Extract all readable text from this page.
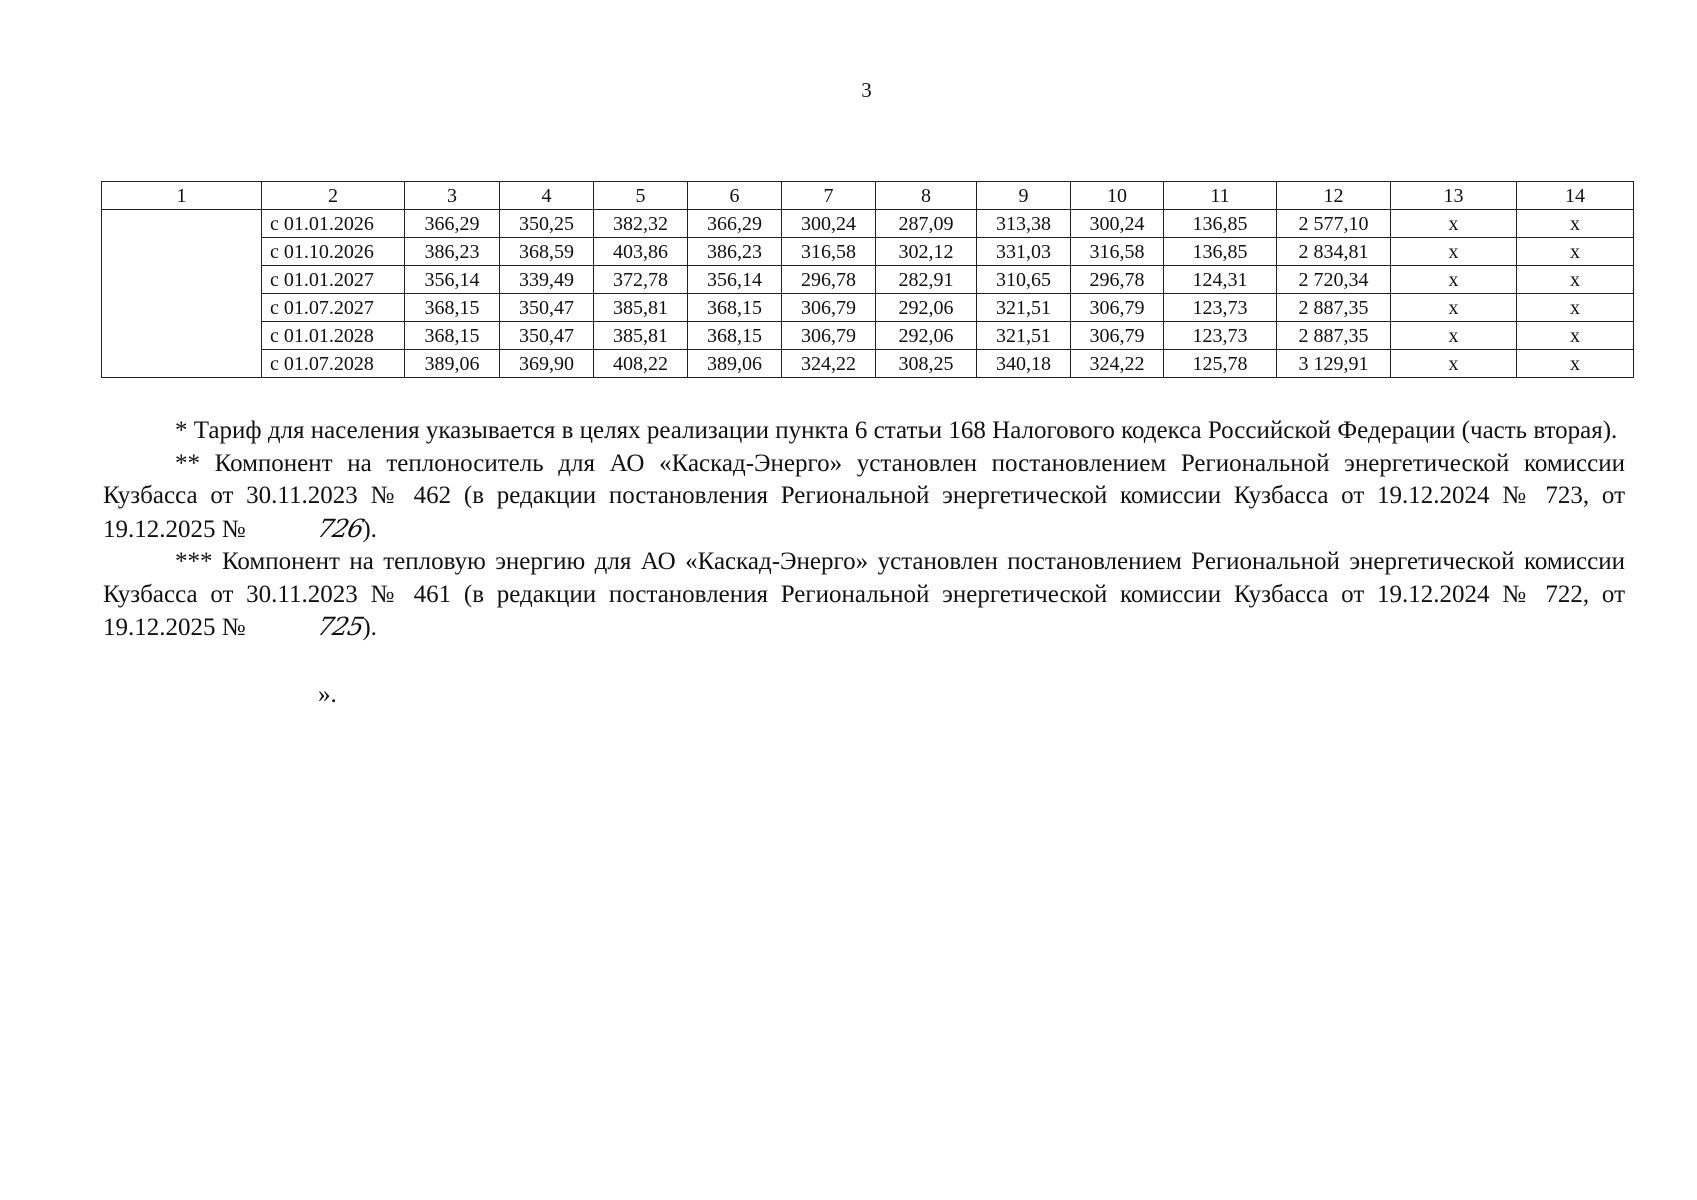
3
1	2	3	4	5	6	7	8	9	10	11	12	13	14
	с 01.01.2026	366,29	350,25	382,32	366,29	300,24	287,09	313,38	300,24	136,85	2 577,10	х	х
	с 01.10.2026	386,23	368,59	403,86	386,23	316,58	302,12	331,03	316,58	136,85	2 834,81	х	х
	с 01.01.2027	356,14	339,49	372,78	356,14	296,78	282,91	310,65	296,78	124,31	2 720,34	х	х
	с 01.07.2027	368,15	350,47	385,81	368,15	306,79	292,06	321,51	306,79	123,73	2 887,35	х	х
	с 01.01.2028	368,15	350,47	385,81	368,15	306,79	292,06	321,51	306,79	123,73	2 887,35	х	х
	с 01.07.2028	389,06	369,90	408,22	389,06	324,22	308,25	340,18	324,22	125,78	3 129,91	х	х

* Тариф для населения указывается в целях реализации пункта 6 статьи 168 Налогового кодекса Российской Федерации (часть вторая).

** Компонент на теплоноситель для АО «Каскад-Энерго» установлен постановлением Региональной энергетической комиссии Кузбасса от 30.11.2023 № 462 (в редакции постановления Региональной энергетической комиссии Кузбасса от 19.12.2024 № 723, от 19.12.2025 №	726).

*** Компонент на тепловую энергию для АО «Каскад-Энерго» установлен постановлением Региональной энергетической комиссии Кузбасса от 30.11.2023 № 461 (в редакции постановления Региональной энергетической комиссии Кузбасса от 19.12.2024 № 722, от 19.12.2025 №	725).

».
